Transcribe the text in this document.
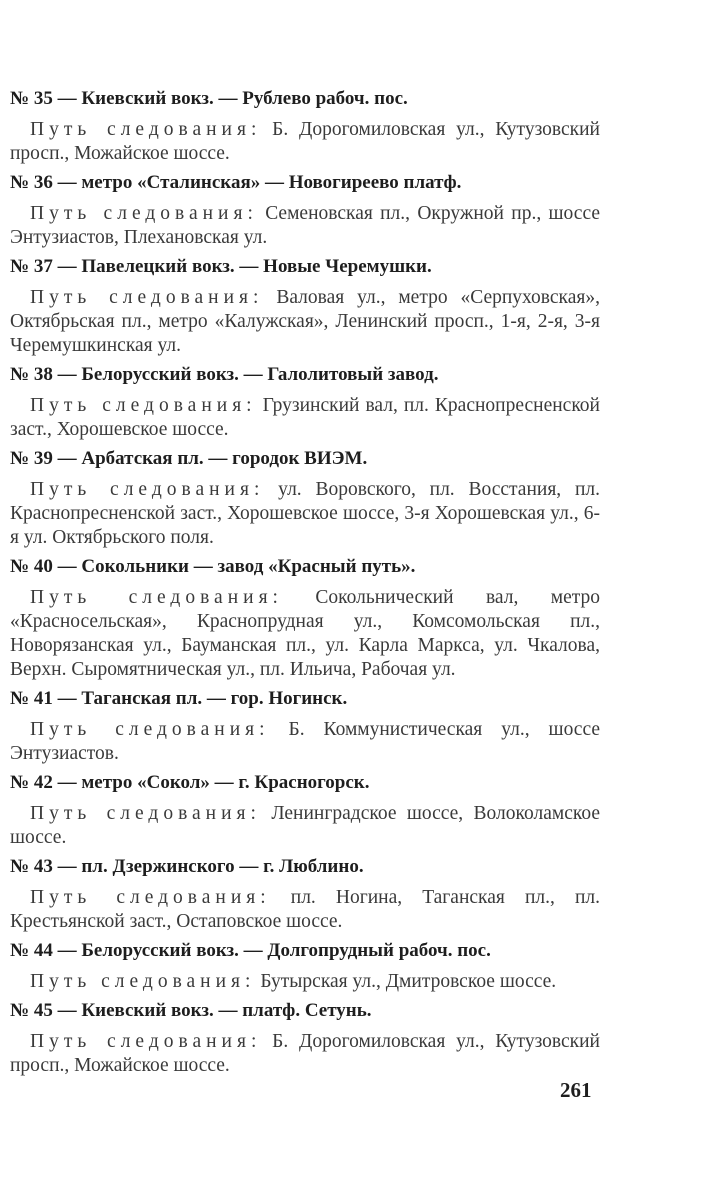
№ 35 — Киевский вокз. — Рублево рабоч. пос.
Путь следования: Б. Дорогомиловская ул., Кутузовский просп., Можайское шоссе.
№ 36 — метро «Сталинская» — Новогиреево платф.
Путь следования: Семеновская пл., Окружной пр., шоссе Энтузиастов, Плехановская ул.
№ 37 — Павелецкий вокз. — Новые Черемушки.
Путь следования: Валовая ул., метро «Серпуховская», Октябрьская пл., метро «Калужская», Ленинский просп., 1-я, 2-я, 3-я Черемушкинская ул.
№ 38 — Белорусский вокз. — Галолитовый завод.
Путь следования: Грузинский вал, пл. Краснопресненской заст., Хорошевское шоссе.
№ 39 — Арбатская пл. — городок ВИЭМ.
Путь следования: ул. Воровского, пл. Восстания, пл. Краснопресненской заст., Хорошевское шоссе, 3-я Хорошевская ул., 6-я ул. Октябрьского поля.
№ 40 — Сокольники — завод «Красный путь».
Путь следования: Сокольнический вал, метро «Красносельская», Краснопрудная ул., Комсомольская пл., Новорязанская ул., Бауманская пл., ул. Карла Маркса, ул. Чкалова, Верхн. Сыромятническая ул., пл. Ильича, Рабочая ул.
№ 41 — Таганская пл. — гор. Ногинск.
Путь следования: Б. Коммунистическая ул., шоссе Энтузиастов.
№ 42 — метро «Сокол» — г. Красногорск.
Путь следования: Ленинградское шоссе, Волоколамское шоссе.
№ 43 — пл. Дзержинского — г. Люблино.
Путь следования: пл. Ногина, Таганская пл., пл. Крестьянской заст., Остаповское шоссе.
№ 44 — Белорусский вокз. — Долгопрудный рабоч. пос.
Путь следования: Бутырская ул., Дмитровское шоссе.
№ 45 — Киевский вокз. — платф. Сетунь.
Путь следования: Б. Дорогомиловская ул., Кутузовский просп., Можайское шоссе.
261
